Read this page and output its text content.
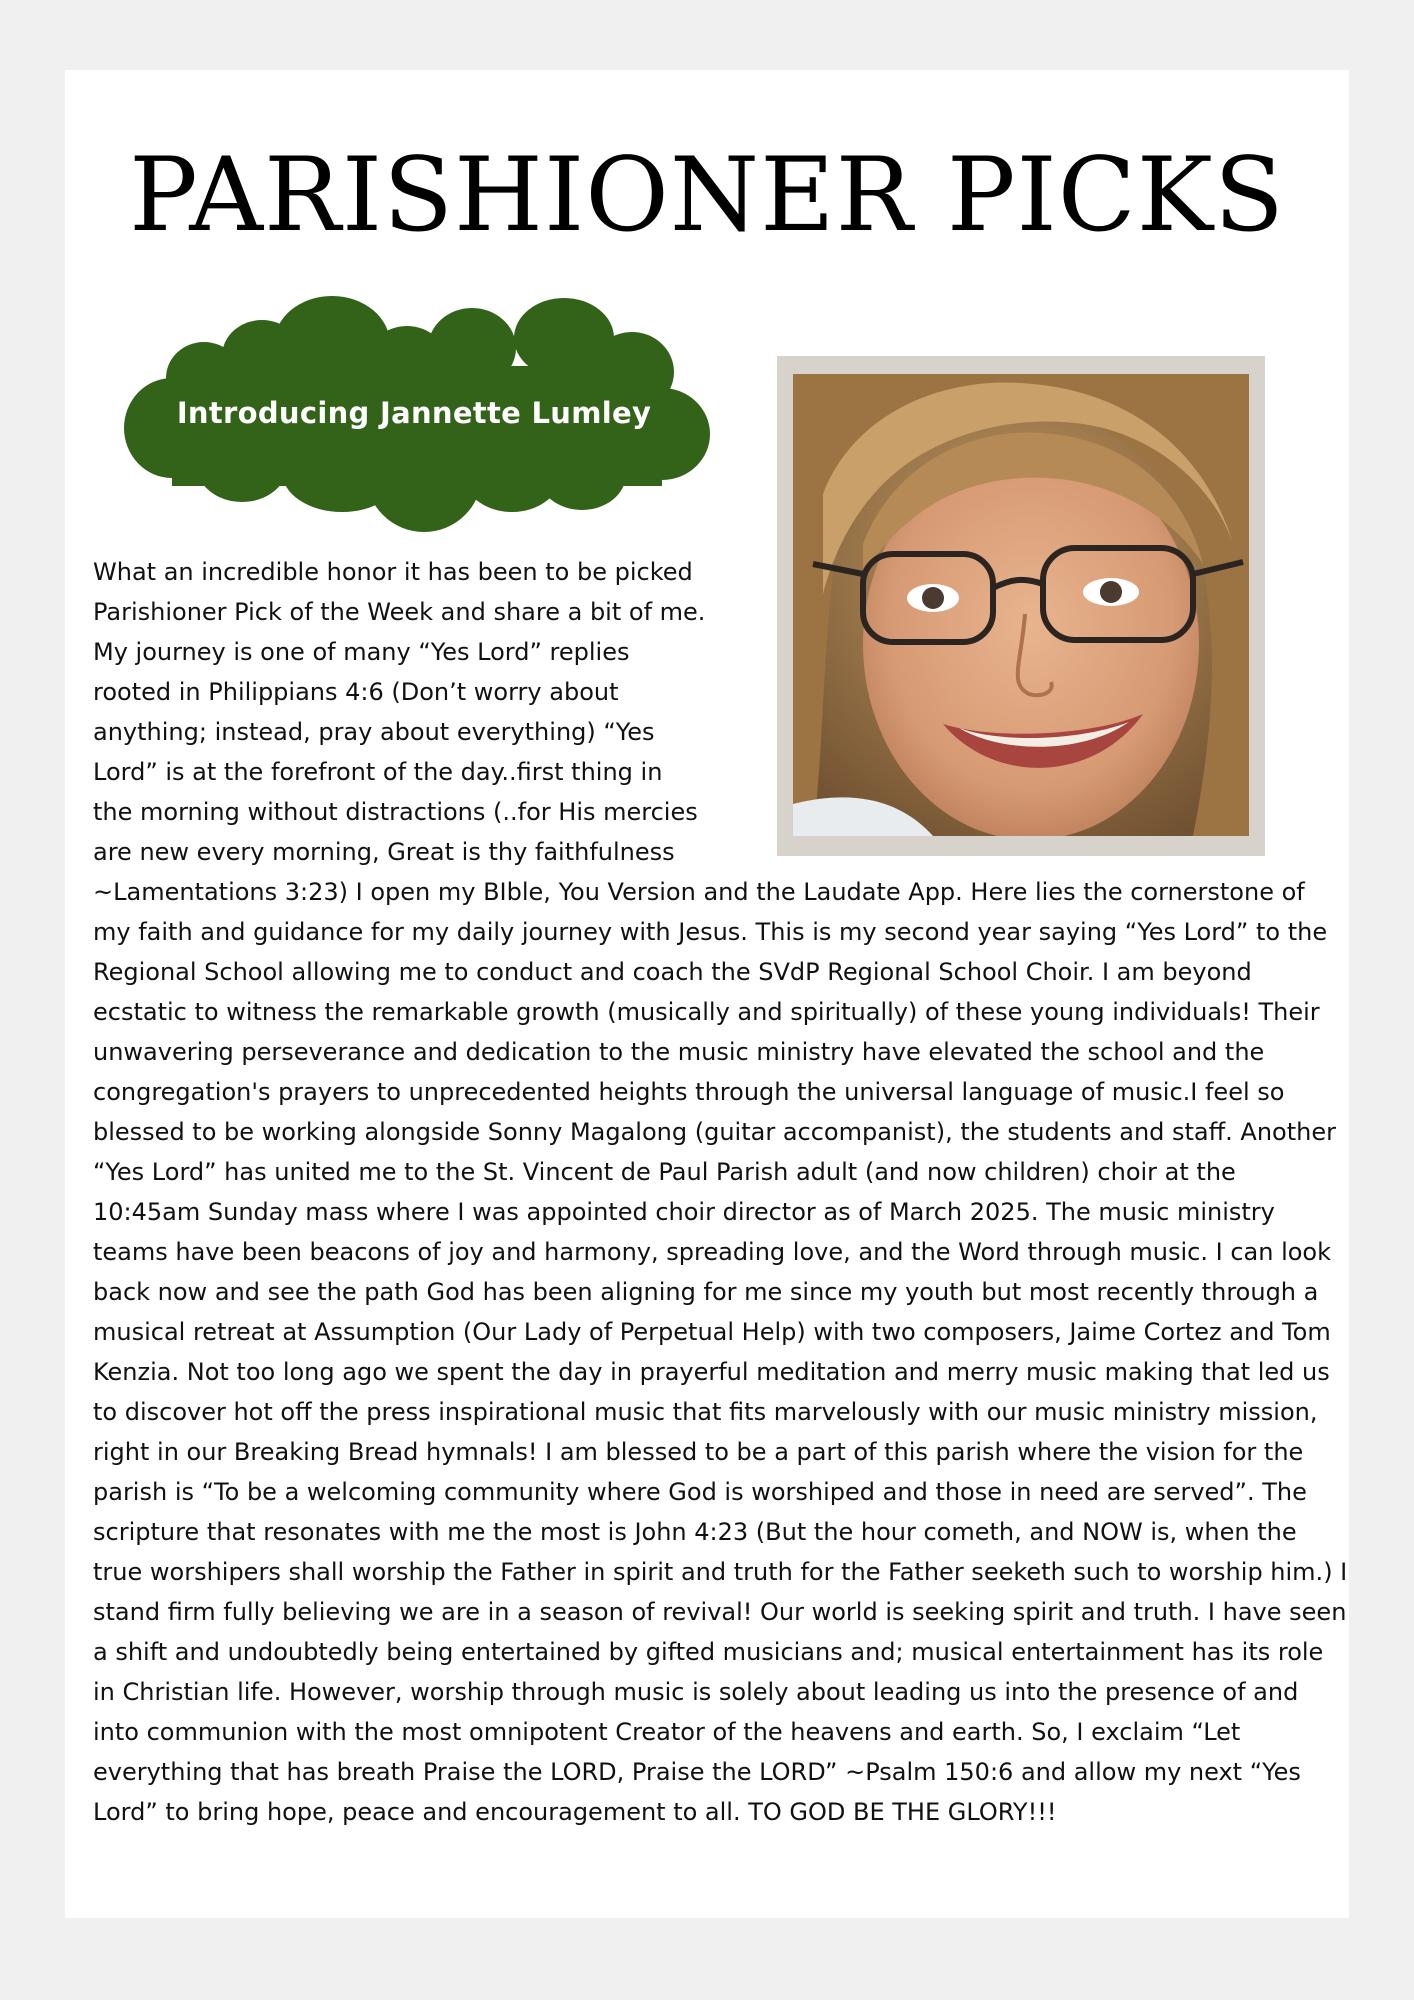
PARISHIONER PICKS
Introducing Jannette Lumley

What an incredible honor it has been to be picked Parishioner Pick of the Week and share a bit of me. My journey is one of many “Yes Lord” replies rooted in Philippians 4:6 (Don’t worry about anything; instead, pray about everything) “Yes Lord” is at the forefront of the day..first thing in the morning without distractions (..for His mercies are new every morning, Great is thy faithfulness ~Lamentations 3:23) I open my BIble, You Version and the Laudate App. Here lies the cornerstone of my faith and guidance for my daily journey with Jesus. This is my second year saying “Yes Lord” to the Regional School allowing me to conduct and coach the SVdP Regional School Choir. I am beyond ecstatic to witness the remarkable growth (musically and spiritually) of these young individuals! Their unwavering perseverance and dedication to the music ministry have elevated the school and the congregation's prayers to unprecedented heights through the universal language of music.I feel so blessed to be working alongside Sonny Magalong (guitar accompanist), the students and staff. Another “Yes Lord” has united me to the St. Vincent de Paul Parish adult (and now children) choir at the 10:45am Sunday mass where I was appointed choir director as of March 2025. The music ministry teams have been beacons of joy and harmony, spreading love, and the Word through music. I can look back now and see the path God has been aligning for me since my youth but most recently through a musical retreat at Assumption (Our Lady of Perpetual Help) with two composers, Jaime Cortez and Tom Kenzia. Not too long ago we spent the day in prayerful meditation and merry music making that led us to discover hot off the press inspirational music that fits marvelously with our music ministry mission, right in our Breaking Bread hymnals! I am blessed to be a part of this parish where the vision for the parish is “To be a welcoming community where God is worshiped and those in need are served”. The scripture that resonates with me the most is John 4:23 (But the hour cometh, and NOW is, when the true worshipers shall worship the Father in spirit and truth for the Father seeketh such to worship him.) I stand firm fully believing we are in a season of revival! Our world is seeking spirit and truth. I have seen a shift and undoubtedly being entertained by gifted musicians and; musical entertainment has its role in Christian life. However, worship through music is solely about leading us into the presence of and into communion with the most omnipotent Creator of the heavens and earth. So, I exclaim “Let everything that has breath Praise the LORD, Praise the LORD” ~Psalm 150:6 and allow my next “Yes Lord” to bring hope, peace and encouragement to all. TO GOD BE THE GLORY!!!
